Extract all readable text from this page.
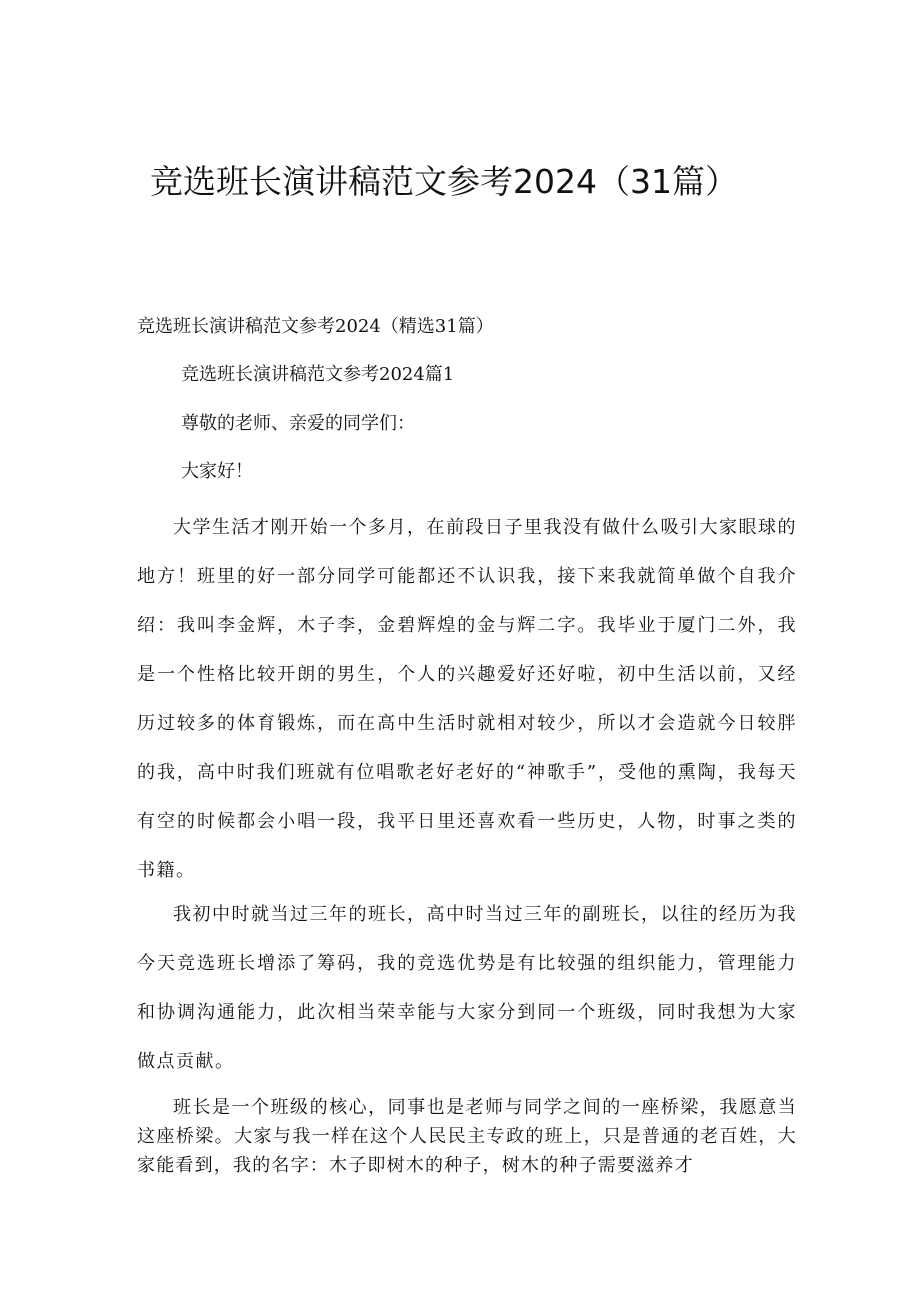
竞选班长演讲稿范文参考2024（31篇）

竞选班长演讲稿范文参考2024（精选31篇）

竞选班长演讲稿范文参考2024篇1

尊敬的老师、亲爱的同学们：

大家好！

大学生活才刚开始一个多月，在前段日子里我没有做什么吸引大家眼球的地方！班里的好一部分同学可能都还不认识我，接下来我就简单做个自我介绍：我叫李金辉，木子李，金碧辉煌的金与辉二字。我毕业于厦门二外，我是一个性格比较开朗的男生，个人的兴趣爱好还好啦，初中生活以前，又经历过较多的体育锻炼，而在高中生活时就相对较少，所以才会造就今日较胖的我，高中时我们班就有位唱歌老好老好的“神歌手”，受他的熏陶，我每天有空的时候都会小唱一段，我平日里还喜欢看一些历史，人物，时事之类的书籍。

我初中时就当过三年的班长，高中时当过三年的副班长，以往的经历为我今天竞选班长增添了筹码，我的竞选优势是有比较强的组织能力，管理能力和协调沟通能力，此次相当荣幸能与大家分到同一个班级，同时我想为大家做点贡献。

班长是一个班级的核心，同事也是老师与同学之间的一座桥梁，我愿意当这座桥梁。大家与我一样在这个人民民主专政的班上，只是普通的老百姓，大家能看到，我的名字：木子即树木的种子，树木的种子需要滋养才
